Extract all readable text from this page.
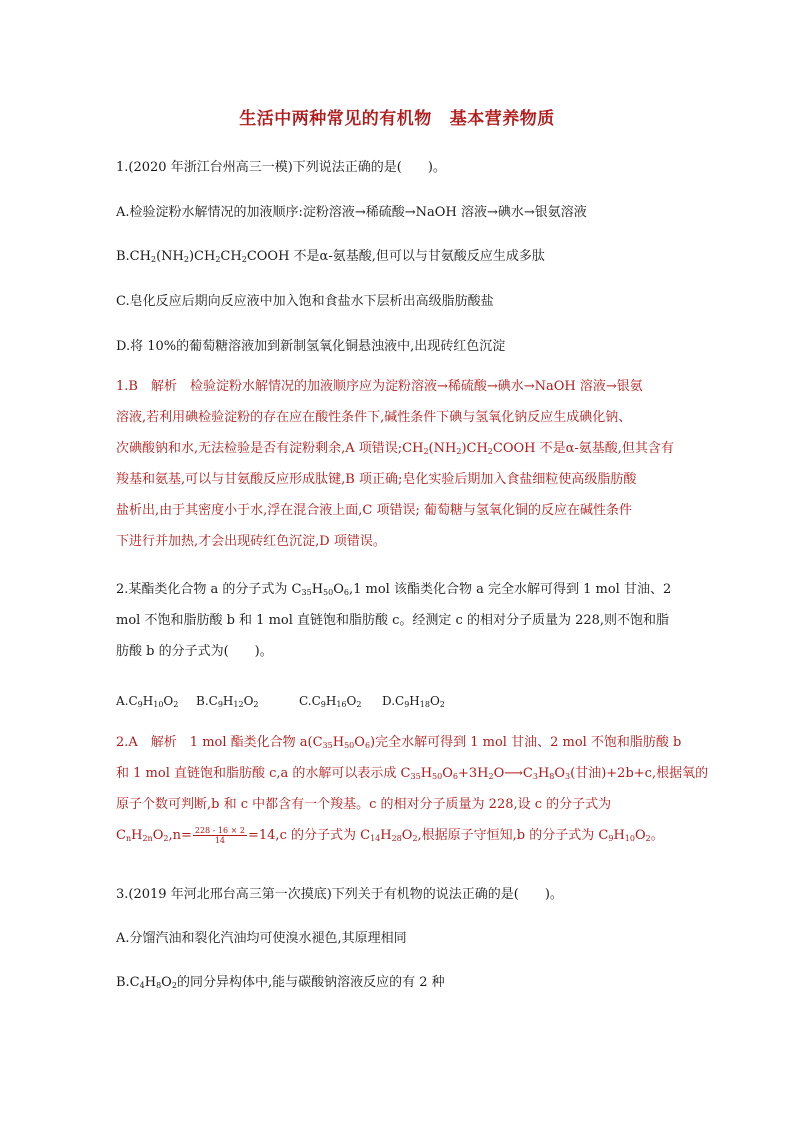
生活中两种常见的有机物 基本营养物质
1.(2020 年浙江台州高三一模)下列说法正确的是(　　)。
A.检验淀粉水解情况的加液顺序:淀粉溶液→稀硫酸→NaOH 溶液→碘水→银氨溶液
$B.CH_2(NH_2)CH_2CH_2COOH$ 不是α-氨基酸,但可以与甘氨酸反应生成多肽
C.皂化反应后期向反应液中加入饱和食盐水下层析出高级脂肪酸盐
D.将 10%的葡萄糖溶液加到新制氢氧化铜悬浊液中,出现砖红色沉淀
1.B　解析　检验淀粉水解情况的加液顺序应为淀粉溶液→稀硫酸→碘水→NaOH 溶液→银氨
溶液,若利用碘检验淀粉的存在应在酸性条件下,碱性条件下碘与氢氧化钠反应生成碘化钠、
次碘酸钠和水,无法检验是否有淀粉剩余,A 项错误$;CH_2(NH_2)CH_2COOH$ 不是α-氨基酸,但其含有
羧基和氨基,可以与甘氨酸反应形成肽键,B 项正确;皂化实验后期加入食盐细粒使高级脂肪酸
盐析出,由于其密度小于水,浮在混合液上面,C 项错误; 葡萄糖与氢氧化铜的反应在碱性条件
下进行并加热,才会出现砖红色沉淀,D 项错误。
2.某酯类化合物 a 的分子式为 $C_{35}H_{50}O_6,1$ mol 该酯类化合物 a 完全水解可得到 1 mol 甘油、2
mol 不饱和脂肪酸 b 和 1 mol 直链饱和脂肪酸 c。经测定 c 的相对分子质量为 228,则不饱和脂
肪酸 b 的分子式为(　　)。
$A.C_9H_{10}O_2$ $B.C_9H_{12}O_2$	$C.C_9H_{16}O_2$ $D.C_9H_{18}O_2$
2.A　解析　1 mol 酯类化合物 $a(C_{35}H_{50}O_6)$完全水解可得到 1 mol 甘油、2 mol 不饱和脂肪酸 b
和 1 mol 直链饱和脂肪酸 c,a 的水解可以表示成 $C_{35}H_{50}O_6+3H_2O⟶C_3H_8O_3$(甘油)+2b+c,根据氧的
原子个数可判断,b 和 c 中都含有一个羧基。c 的相对分子质量为 228,设 c 的分子式为
$C_nH_{2n}O_2,n= \frac{228 - 16 \times 2}{14} =14,c$ 的分子式为 $C_{14}H_{28}O_2$,根据原子守恒知,b 的分子式为 $C_9H_{10}O_2$。
3.(2019 年河北邢台高三第一次摸底)下列关于有机物的说法正确的是(　　)。
A.分馏汽油和裂化汽油均可使溴水褪色,其原理相同
$B.C_4H_8O_2$的同分异构体中,能与碳酸钠溶液反应的有 2 种
